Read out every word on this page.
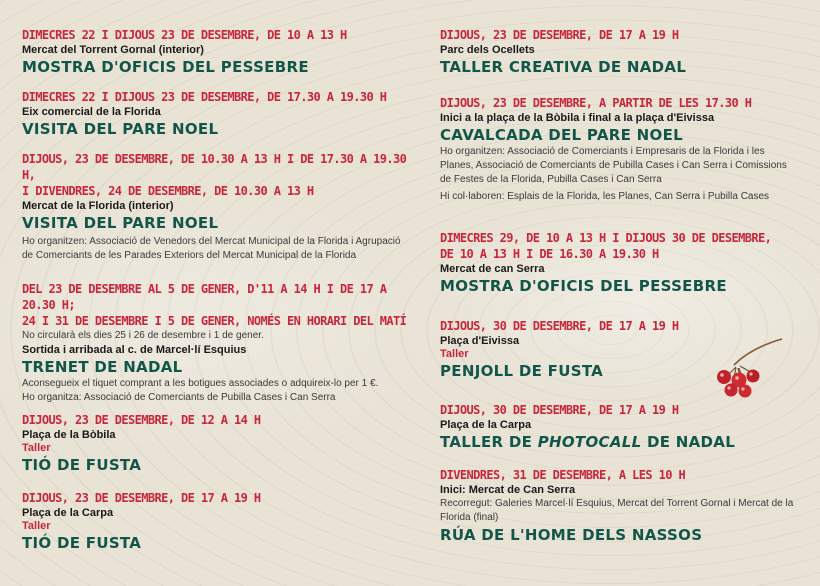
DIMECRES 22 I DIJOUS 23 DE DESEMBRE, DE 10 A 13 H
Mercat del Torrent Gornal (interior)
MOSTRA D'OFICIS DEL PESSEBRE
DIMECRES 22 I DIJOUS 23 DE DESEMBRE, DE 17.30 A 19.30 H
Eix comercial de la Florida
VISITA DEL PARE NOEL
DIJOUS, 23 DE DESEMBRE, DE 10.30 A 13 H I DE 17.30 A 19.30 H,
I DIVENDRES, 24 DE DESEMBRE, DE 10.30 A 13 H
Mercat de la Florida (interior)
VISITA DEL PARE NOEL
Ho organitzen: Associació de Venedors del Mercat Municipal de la Florida i Agrupació de Comerciants de les Parades Exteriors del Mercat Municipal de la Florida
DEL 23 DE DESEMBRE AL 5 DE GENER, D'11 A 14 H I DE 17 A 20.30 H;
24 I 31 DE DESEMBRE I 5 DE GENER, NOMÉS EN HORARI DEL MATÍ
No circularà els dies 25 i 26 de desembre i 1 de gener.
Sortida i arribada al c. de Marcel·lí Esquius
TRENET DE NADAL
Aconsegueix el tiquet comprant a les botigues associades o adquireix-lo per 1 €.
Ho organitza: Associació de Comerciants de Pubilla Cases i Can Serra
DIJOUS, 23 DE DESEMBRE, DE 12 A 14 H
Plaça de la Bòbila
Taller
TIÓ DE FUSTA
DIJOUS, 23 DE DESEMBRE, DE 17 A 19 H
Plaça de la Carpa
Taller
TIÓ DE FUSTA
DIJOUS, 23 DE DESEMBRE, DE 17 A 19 H
Parc dels Ocellets
TALLER CREATIVA DE NADAL
DIJOUS, 23 DE DESEMBRE, A PARTIR DE LES 17.30 H
Inici a la plaça de la Bòbila i final a la plaça d'Eivissa
CAVALCADA DEL PARE NOEL
Ho organitzen: Associació de Comerciants i Empresaris de la Florida i les Planes, Associació de Comerciants de Pubilla Cases i Can Serra i Comissions de Festes de la Florida, Pubilla Cases i Can Serra
Hi col·laboren: Esplais de la Florida, les Planes, Can Serra i Pubilla Cases
DIMECRES 29, DE 10 A 13 H I DIJOUS 30 DE DESEMBRE,
DE 10 A 13 H I DE 16.30 A 19.30 H
Mercat de can Serra
MOSTRA D'OFICIS DEL PESSEBRE
DIJOUS, 30 DE DESEMBRE, DE 17 A 19 H
Plaça d'Eivissa
Taller
PENJOLL DE FUSTA
DIJOUS, 30 DE DESEMBRE, DE 17 A 19 H
Plaça de la Carpa
TALLER DE PHOTOCALL DE NADAL
DIVENDRES, 31 DE DESEMBRE, A LES 10 H
Inici: Mercat de Can Serra
Recorregut: Galeries Marcel·lí Esquius, Mercat del Torrent Gornal i Mercat de la Florida (final)
RÚA DE L'HOME DELS NASSOS
